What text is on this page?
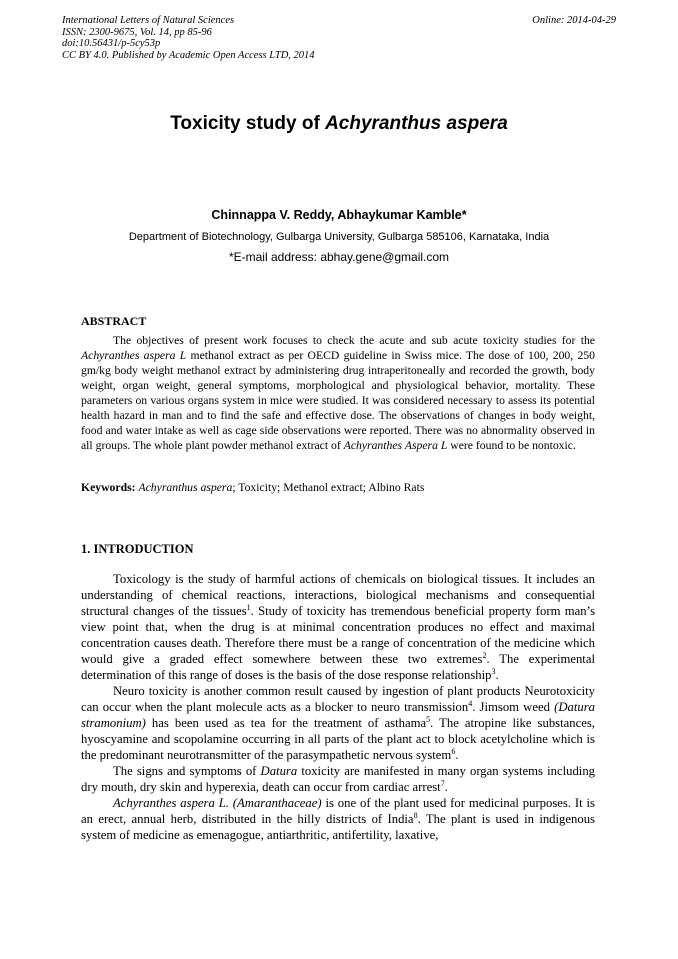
International Letters of Natural Sciences
ISSN: 2300-9675, Vol. 14, pp 85-96
doi:10.56431/p-5cy53p
CC BY 4.0. Published by Academic Open Access LTD, 2014
Online: 2014-04-29
Toxicity study of Achyranthus aspera
Chinnappa V. Reddy, Abhaykumar Kamble*
Department of Biotechnology, Gulbarga University, Gulbarga 585106, Karnataka, India
*E-mail address: abhay.gene@gmail.com
ABSTRACT

The objectives of present work focuses to check the acute and sub acute toxicity studies for the Achyranthes aspera L methanol extract as per OECD guideline in Swiss mice. The dose of 100, 200, 250 gm/kg body weight methanol extract by administering drug intraperitoneally and recorded the growth, body weight, organ weight, general symptoms, morphological and physiological behavior, mortality. These parameters on various organs system in mice were studied. It was considered necessary to assess its potential health hazard in man and to find the safe and effective dose. The observations of changes in body weight, food and water intake as well as cage side observations were reported. There was no abnormality observed in all groups. The whole plant powder methanol extract of Achyranthes Aspera L were found to be nontoxic.

Keywords: Achyranthus aspera; Toxicity; Methanol extract; Albino Rats

1. INTRODUCTION

Toxicology is the study of harmful actions of chemicals on biological tissues. It includes an understanding of chemical reactions, interactions, biological mechanisms and consequential structural changes of the tissues$^1$. Study of toxicity has tremendous beneficial property form man’s view point that, when the drug is at minimal concentration produces no effect and maximal concentration causes death. Therefore there must be a range of concentration of the medicine which would give a graded effect somewhere between these two extremes$^2$. The experimental determination of this range of doses is the basis of the dose response relationship$^3$.

Neuro toxicity is another common result caused by ingestion of plant products Neurotoxicity can occur when the plant molecule acts as a blocker to neuro transmission$^4$. Jimsom weed (Datura stramonium) has been used as tea for the treatment of asthama$^5$. The atropine like substances, hyoscyamine and scopolamine occurring in all parts of the plant act to block acetylcholine which is the predominant neurotransmitter of the parasympathetic nervous system$^6$.

The signs and symptoms of Datura toxicity are manifested in many organ systems including dry mouth, dry skin and hyperexia, death can occur from cardiac arrest$^7$.

Achyranthes aspera L. (Amaranthaceae) is one of the plant used for medicinal purposes. It is an erect, annual herb, distributed in the hilly districts of India$^8$. The plant is used in indigenous system of medicine as emenagogue, antiarthritic, antifertility, laxative,
